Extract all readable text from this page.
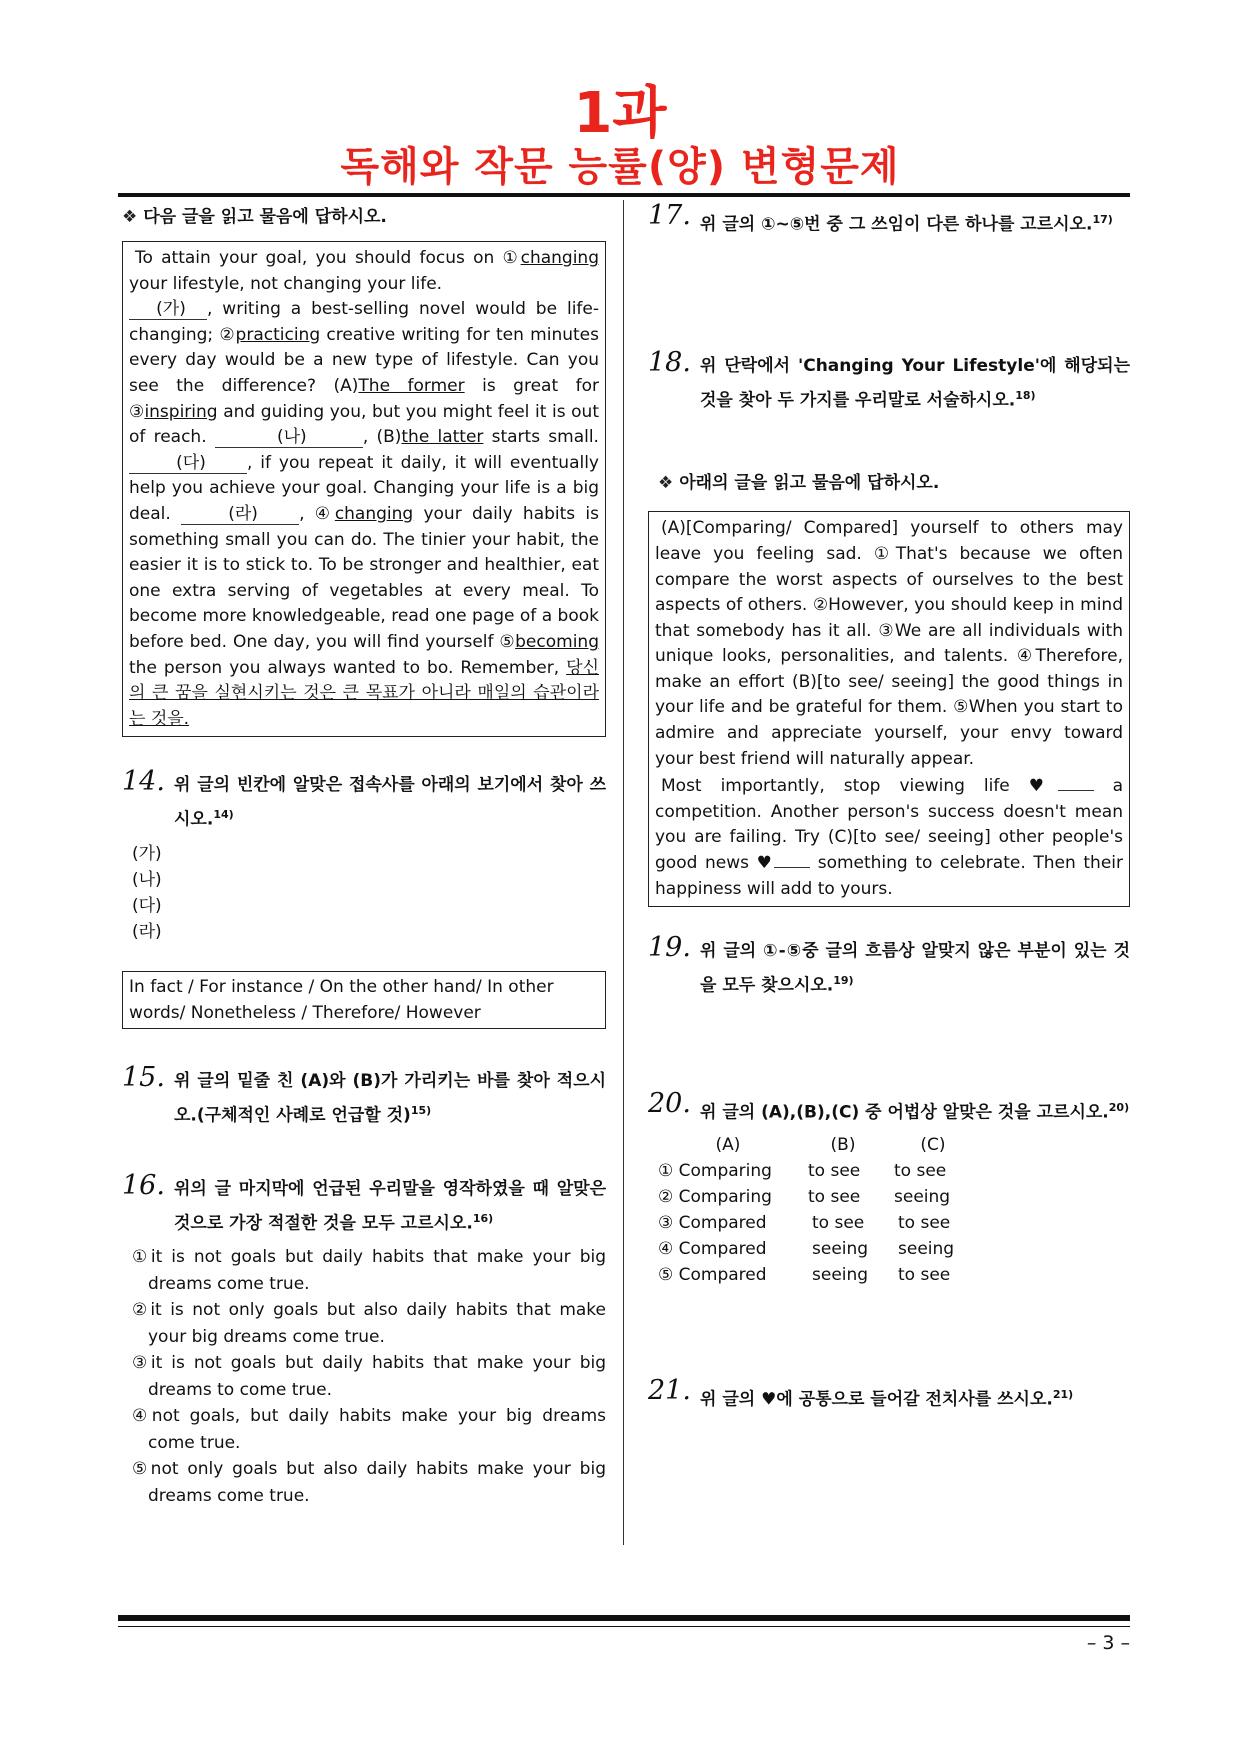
1과
독해와 작문 능률(양) 변형문제

❖ 다음 글을 읽고 물음에 답하시오.

To attain your goal, you should focus on ①changing your lifestyle, not changing your life.
(가) , writing a best-selling novel would be life-changing; ②practicing creative writing for ten minutes every day would be a new type of lifestyle. Can you see the difference? (A)The former is great for ③inspiring and guiding you, but you might feel it is out of reach.	(나)	, (B)the latter starts small. (다) , if you repeat it daily, it will eventually help you achieve your goal. Changing your life is a big deal.	(라) , ④changing your daily habits is something small you can do. The tinier your habit, the easier it is to stick to. To be stronger and healthier, eat one extra serving of vegetables at every meal. To become more knowledgeable, read one page of a book before bed. One day, you will find yourself ⑤becoming the person you always wanted to bo. Remember, 당신의 큰 꿈을 실현시키는 것은 큰 목표가 아니라 매일의 습관이라는 것을.

14. 위 글의 빈칸에 알맞은 접속사를 아래의 보기에서 찾아 쓰시오.$^{14)}$
(가)
(나)
(다)
(라)
In fact / For instance / On the other hand/ In other words/ Nonetheless / Therefore/ However
15. 위 글의 밑줄 친 (A)와 (B)가 가리키는 바를 찾아 적으시오.(구체적인 사례로 언급할 것)$^{15)}$
16. 위의 글 마지막에 언급된 우리말을 영작하였을 때 알맞은 것으로 가장 적절한 것을 모두 고르시오.$^{16)}$
①it is not goals but daily habits that make your big dreams come true.
②it is not only goals but also daily habits that make your big dreams come true.
③it is not goals but daily habits that make your big dreams to come true.
④not goals, but daily habits make your big dreams come true.
⑤not only goals but also daily habits make your big dreams come true.
17. 위 글의 ①~⑤번 중 그 쓰임이 다른 하나를 고르시오.$^{17)}$
18. 위 단락에서 'Changing Your Lifestyle'에 해당되는 것을 찾아 두 가지를 우리말로 서술하시오.$^{18)}$

❖ 아래의 글을 읽고 물음에 답하시오.

(A)[Comparing/ Compared] yourself to others may leave you feeling sad. ①That's because we often compare the worst aspects of ourselves to the best aspects of others. ②However, you should keep in mind that somebody has it all. ③We are all individuals with unique looks, personalities, and talents. ④Therefore, make an effort (B)[to see/ seeing] the good things in your life and be grateful for them. ⑤When you start to admire and appreciate yourself, your envy toward your best friend will naturally appear.

Most importantly, stop viewing life ♥ a competition. Another person's success doesn't mean you are failing. Try (C)[to see/ seeing] other people's good news ♥ something to celebrate. Then their happiness will add to yours.

19. 위 글의 ①-⑤중 글의 흐름상 알맞지 않은 부분이 있는 것을 모두 찾으시오.$^{19)}$
20. 위 글의 (A),(B),(C) 중 어법상 알맞은 것을 고르시오.$^{20)}$
(A)	(B)	(C)
① Comparing	to see	to see
② Comparing	to see	seeing
③ Compared	to see	to see
④ Compared	seeing	seeing
⑤ Compared	seeing	to see
21. 위 글의 ♥에 공통으로 들어갈 전치사를 쓰시오.$^{21)}$
– 3 –
